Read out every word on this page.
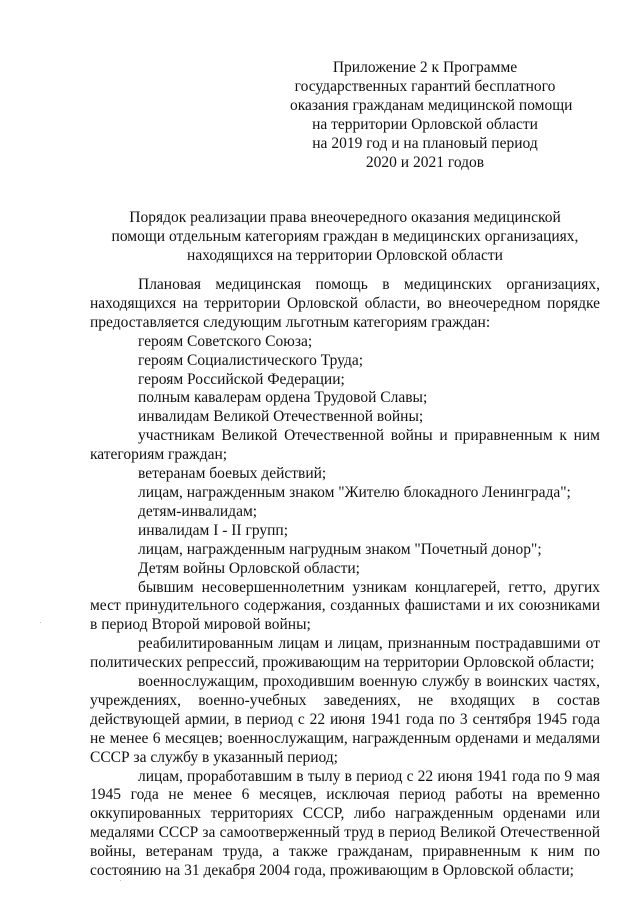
Приложение 2 к Программе
государственных гарантий бесплатного
оказания гражданам медицинской помощи
на территории Орловской области
на 2019 год и на плановый период
2020 и 2021 годов
Порядок реализации права внеочередного оказания медицинской
помощи отдельным категориям граждан в медицинских организациях,
находящихся на территории Орловской области

Плановая медицинская помощь в медицинских организациях, находящихся на территории Орловской области, во внеочередном порядке предоставляется следующим льготным категориям граждан:

героям Советского Союза;

героям Социалистического Труда;

героям Российской Федерации;

полным кавалерам ордена Трудовой Славы;

инвалидам Великой Отечественной войны;

участникам Великой Отечественной войны и приравненным к ним категориям граждан;

ветеранам боевых действий;

лицам, награжденным знаком "Жителю блокадного Ленинграда";

детям-инвалидам;

инвалидам I - II групп;

лицам, награжденным нагрудным знаком "Почетный донор";

Детям войны Орловской области;

бывшим несовершеннолетним узникам концлагерей, гетто, других мест принудительного содержания, созданных фашистами и их союзниками в период Второй мировой войны;

реабилитированным лицам и лицам, признанным пострадавшими от политических репрессий, проживающим на территории Орловской области;

военнослужащим, проходившим военную службу в воинских частях, учреждениях, военно-учебных заведениях, не входящих в состав действующей армии, в период с 22 июня 1941 года по 3 сентября 1945 года не менее 6 месяцев; военнослужащим, награжденным орденами и медалями СССР за службу в указанный период;

лицам, проработавшим в тылу в период с 22 июня 1941 года по 9 мая 1945 года не менее 6 месяцев, исключая период работы на временно оккупированных территориях СССР, либо награжденным орденами или медалями СССР за самоотверженный труд в период Великой Отечественной войны, ветеранам труда, а также гражданам, приравненным к ним по состоянию на 31 декабря 2004 года, проживающим в Орловской области;
